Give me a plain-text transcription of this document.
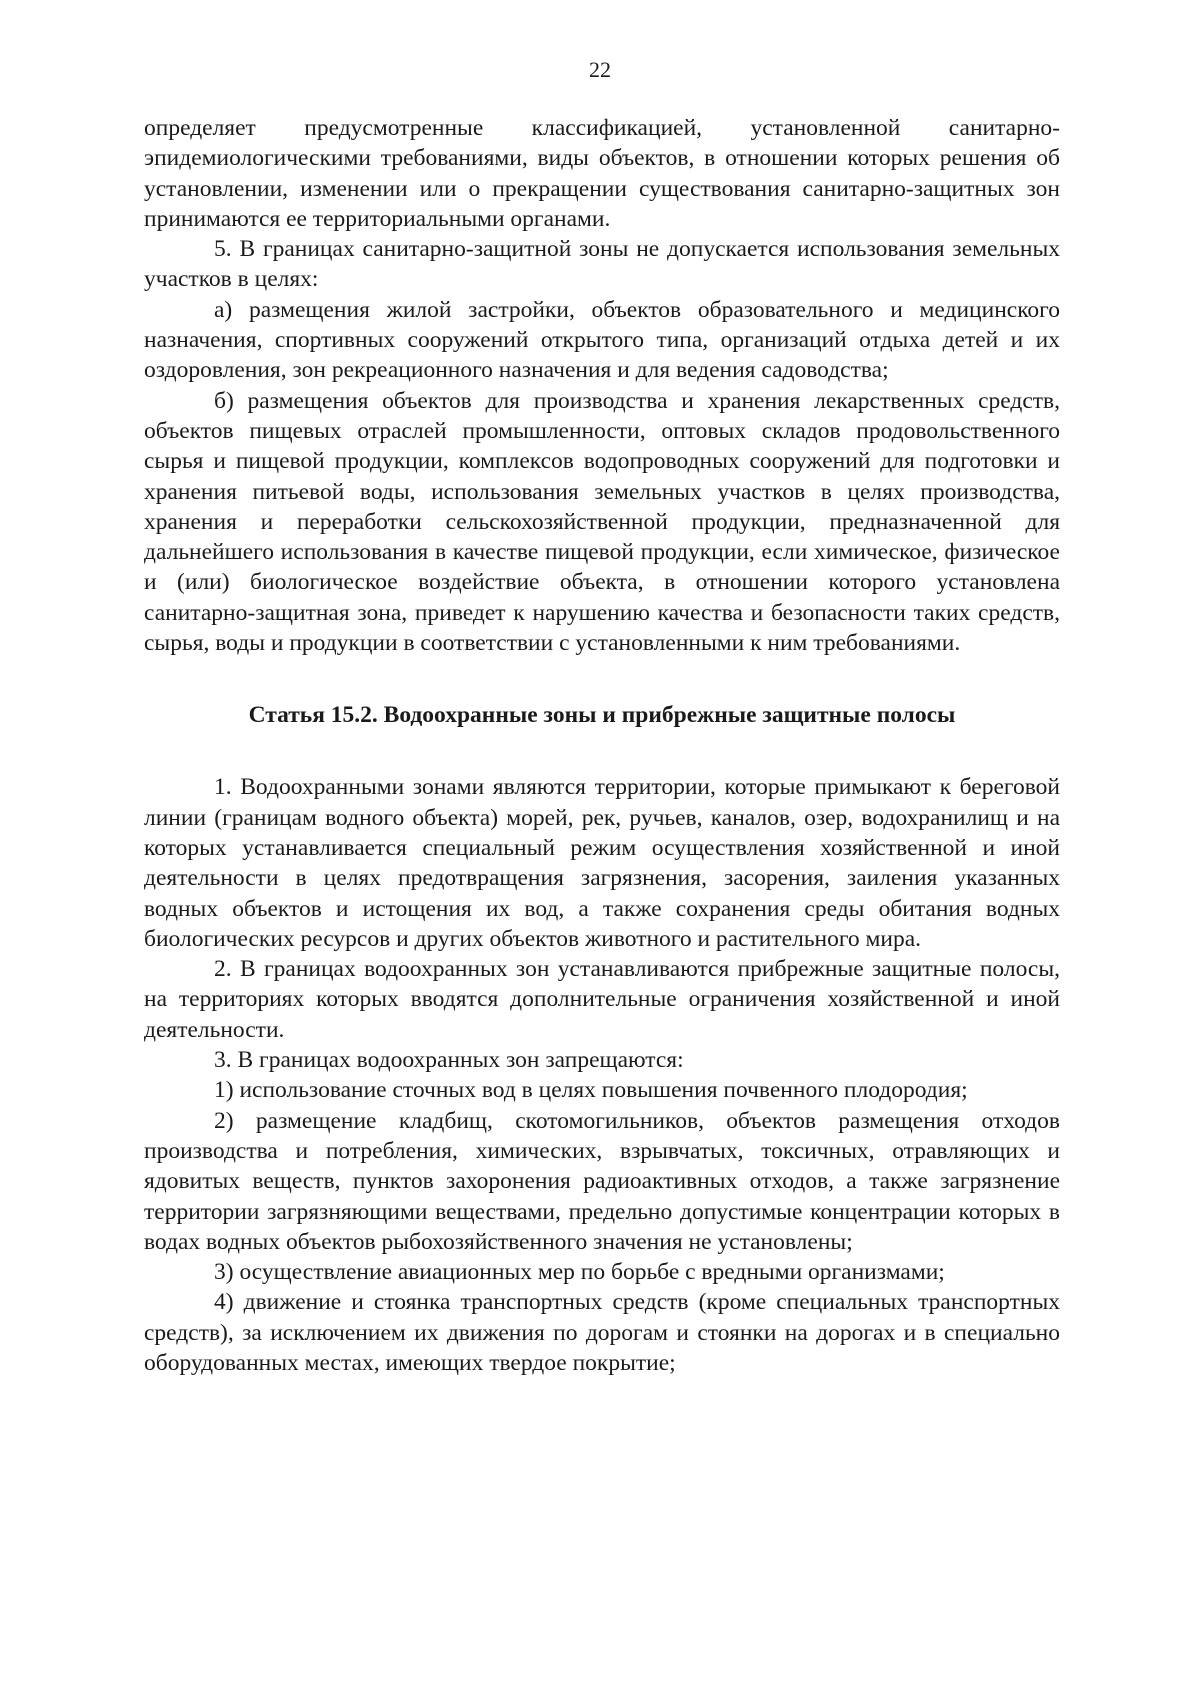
22

определяет предусмотренные классификацией, установленной санитарно-эпидемиологическими требованиями, виды объектов, в отношении которых решения об установлении, изменении или о прекращении существования санитарно-защитных зон принимаются ее территориальными органами.

5. В границах санитарно-защитной зоны не допускается использования земельных участков в целях:

а) размещения жилой застройки, объектов образовательного и медицинского назначения, спортивных сооружений открытого типа, организаций отдыха детей и их оздоровления, зон рекреационного назначения и для ведения садоводства;

б) размещения объектов для производства и хранения лекарственных средств, объектов пищевых отраслей промышленности, оптовых складов продовольственного сырья и пищевой продукции, комплексов водопроводных сооружений для подготовки и хранения питьевой воды, использования земельных участков в целях производства, хранения и переработки сельскохозяйственной продукции, предназначенной для дальнейшего использования в качестве пищевой продукции, если химическое, физическое и (или) биологическое воздействие объекта, в отношении которого установлена санитарно-защитная зона, приведет к нарушению качества и безопасности таких средств, сырья, воды и продукции в соответствии с установленными к ним требованиями.

Статья 15.2. Водоохранные зоны и прибрежные защитные полосы

1. Водоохранными зонами являются территории, которые примыкают к береговой линии (границам водного объекта) морей, рек, ручьев, каналов, озер, водохранилищ и на которых устанавливается специальный режим осуществления хозяйственной и иной деятельности в целях предотвращения загрязнения, засорения, заиления указанных водных объектов и истощения их вод, а также сохранения среды обитания водных биологических ресурсов и других объектов животного и растительного мира.

2. В границах водоохранных зон устанавливаются прибрежные защитные полосы, на территориях которых вводятся дополнительные ограничения хозяйственной и иной деятельности.

3. В границах водоохранных зон запрещаются:

1) использование сточных вод в целях повышения почвенного плодородия;

2) размещение кладбищ, скотомогильников, объектов размещения отходов производства и потребления, химических, взрывчатых, токсичных, отравляющих и ядовитых веществ, пунктов захоронения радиоактивных отходов, а также загрязнение территории загрязняющими веществами, предельно допустимые концентрации которых в водах водных объектов рыбохозяйственного значения не установлены;

3) осуществление авиационных мер по борьбе с вредными организмами;

4) движение и стоянка транспортных средств (кроме специальных транспортных средств), за исключением их движения по дорогам и стоянки на дорогах и в специально оборудованных местах, имеющих твердое покрытие;
